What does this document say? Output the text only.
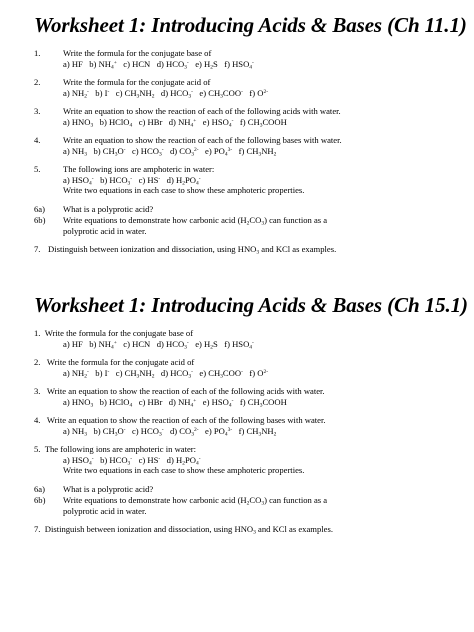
Worksheet 1: Introducing Acids & Bases (Ch 11.1)
1.	Write the formula for the conjugate base of
a) HF   b) $NH_4^+$   c) HCN   d) $HCO_3^-$   e) $H_2S$   f) $HSO_4^-$
2.	Write the formula for the conjugate acid of
a) $NH_2^-$   b) I-   c) $CH_3NH_2$   d) $HCO_3^-$   e) $CH_3COO^-$   f) $O^{2-}$
3.	Write an equation to show the reaction of each of the following acids with water.
a) $HNO_3$   b) HClO$_4$   c) HBr   d) $NH_4^+$   e) $HSO_4^-$   f) $CH_3COOH$
4.	Write an equation to show the reaction of each of the following bases with water.
a) $NH_3$   b) $CH_3O^-$   c) $HCO_3^-$   d) $CO_3^{2-}$   e) $PO_4^{3-}$   f) $CH_3NH_2$
5.	The following ions are amphoteric in water:
a) $HSO_4^-$   b) $HCO_3^-$   c) HS-   d) $H_2PO_4^-$
Write two equations in each case to show these amphoteric properties.
6a) What is a polyprotic acid?
6b) Write equations to demonstrate how carbonic acid $(H_2CO_3)$ can function as a
polyprotic acid in water.
7. Distinguish between ionization and dissociation, using $HNO_3$ and KCl as examples.
Worksheet 1: Introducing Acids & Bases (Ch 15.1)
1. Write the formula for the conjugate base of
a) HF   b) $NH_4^+$   c) HCN   d) $HCO_3^-$   e) $H_2S$   f) $HSO_4^-$
2. Write the formula for the conjugate acid of
a) $NH_2^-$   b) I-   c) $CH_3NH_2$   d) $HCO_3^-$   e) $CH_3COO^-$   f) $O^{2-}$
3. Write an equation to show the reaction of each of the following acids with water.
a) $HNO_3$   b) HClO$_4$   c) HBr   d) $NH_4^+$   e) $HSO_4^-$   f) $CH_3COOH$
4. Write an equation to show the reaction of each of the following bases with water.
a) $NH_3$   b) $CH_3O^-$   c) $HCO_3^-$   d) $CO_3^{2-}$   e) $PO_4^{3-}$   f) $CH_3NH_2$
5. The following ions are amphoteric in water:
a) $HSO_4^-$   b) $HCO_3^-$   c) HS-   d) $H_2PO_4^-$
Write two equations in each case to show these amphoteric properties.
6a) What is a polyprotic acid?
6b) Write equations to demonstrate how carbonic acid $(H_2CO_3)$ can function as a
polyprotic acid in water.
7. Distinguish between ionization and dissociation, using $HNO_3$ and KCl as examples.
